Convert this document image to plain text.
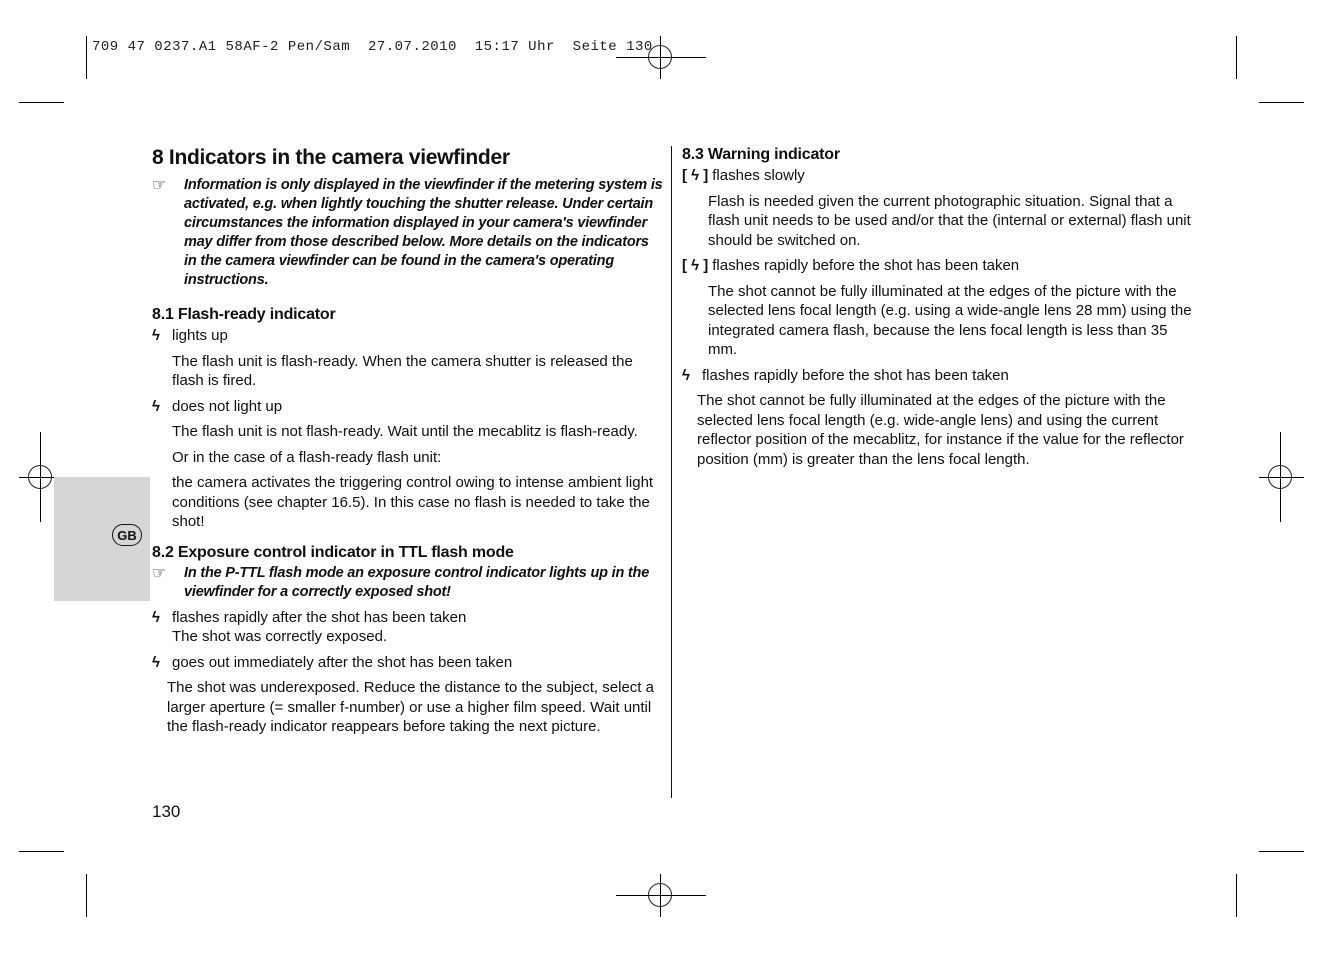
709 47 0237.A1 58AF-2 Pen/Sam  27.07.2010  15:17 Uhr  Seite 130
GB
8 Indicators in the camera viewfinder
☞	Information is only displayed in the viewfinder if the metering system is activated, e.g. when lightly touching the shutter release. Under certain circumstances the information displayed in your camera's viewfinder may differ from those described below. More details on the indicators in the camera viewfinder can be found in the camera's operating instructions.
8.1 Flash-ready indicator
ϟ lights up
The flash unit is flash-ready. When the camera shutter is released the flash is fired.
ϟ does not light up
The flash unit is not flash-ready. Wait until the mecablitz is flash-ready.
Or in the case of a flash-ready flash unit:
the camera activates the triggering control owing to intense ambient light conditions (see chapter 16.5). In this case no flash is needed to take the shot!
8.2 Exposure control indicator in TTL flash mode
☞	In the P-TTL flash mode an exposure control indicator lights up in the viewfinder for a correctly exposed shot!
ϟ flashes rapidly after the shot has been taken
The shot was correctly exposed.
ϟ goes out immediately after the shot has been taken
The shot was underexposed. Reduce the distance to the subject, select a larger aperture (= smaller f-number) or use a higher film speed. Wait until the flash-ready indicator reappears before taking the next picture.
8.3 Warning indicator
[ ϟ ] flashes slowly
Flash is needed given the current photographic situation. Signal that a flash unit needs to be used and/or that the (internal or external) flash unit should be switched on.
[ ϟ ] flashes rapidly before the shot has been taken
The shot cannot be fully illuminated at the edges of the picture with the selected lens focal length (e.g. using a wide-angle lens 28 mm) using the integrated camera flash, because the lens focal length is less than 35 mm.
ϟ flashes rapidly before the shot has been taken
The shot cannot be fully illuminated at the edges of the picture with the selected lens focal length (e.g. wide-angle lens) and using the current reflector position of the mecablitz, for instance if the value for the reflector position (mm) is greater than the lens focal length.
130
